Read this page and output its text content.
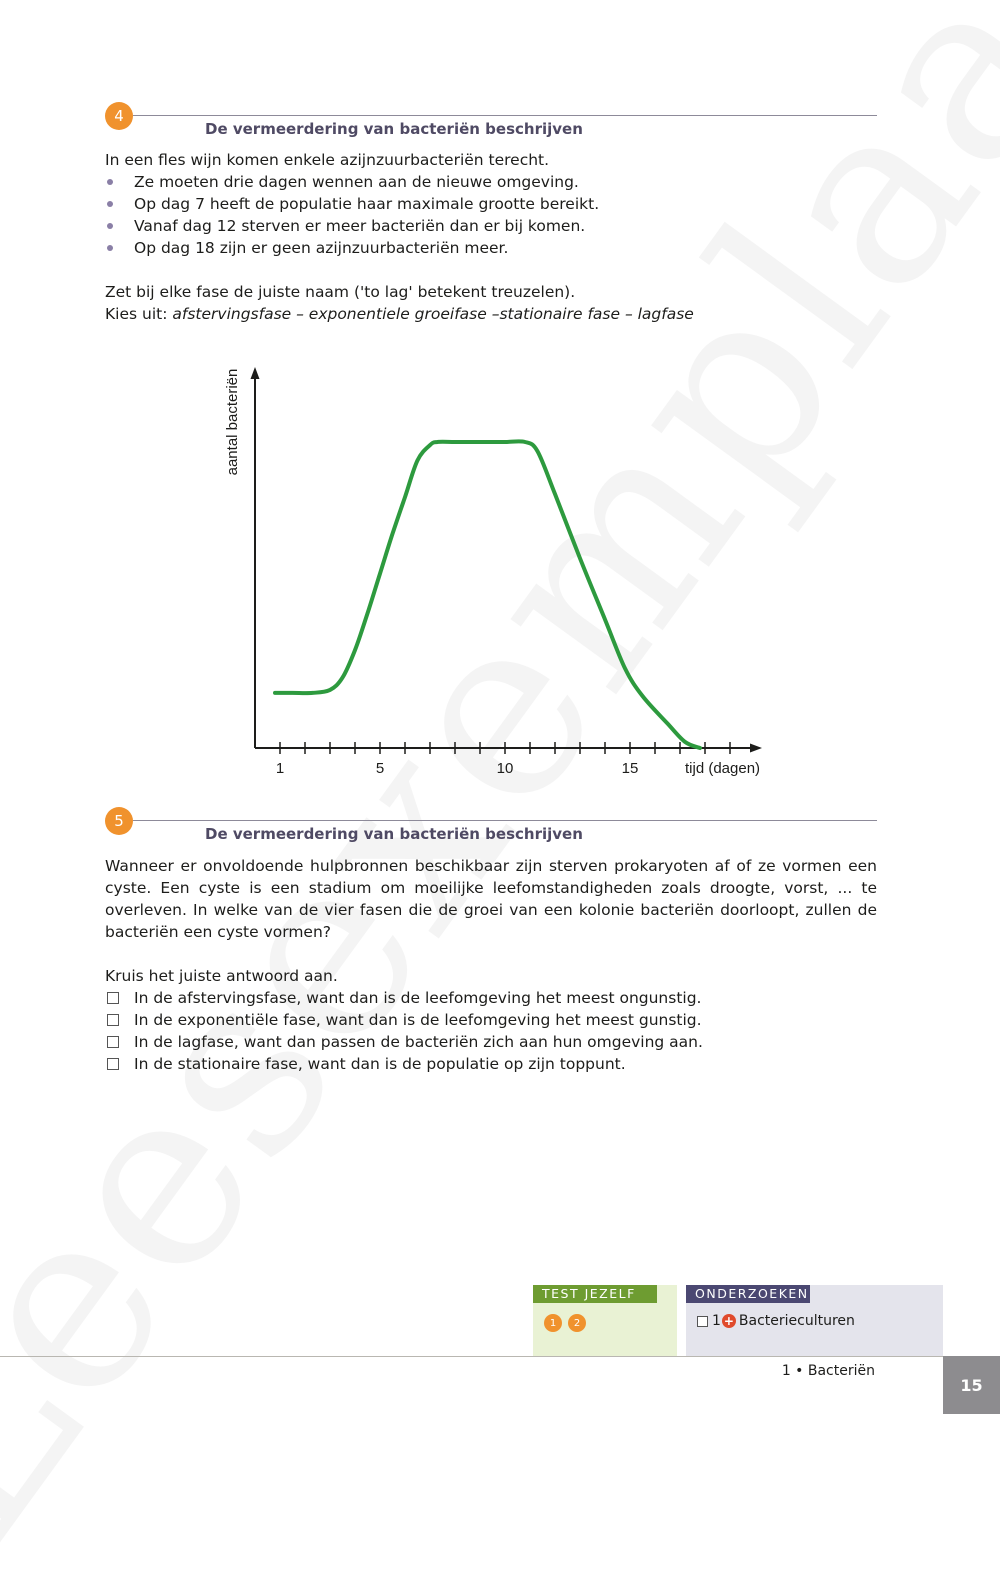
4
De vermeerdering van bacteriën beschrijven

In een fles wijn komen enkele azijnzuurbacteriën terecht.

Ze moeten drie dagen wennen aan de nieuwe omgeving.
Op dag 7 heeft de populatie haar maximale grootte bereikt.
Vanaf dag 12 sterven er meer bacteriën dan er bij komen.
Op dag 18 zijn er geen azijnzuurbacteriën meer.

Zet bij elke fase de juiste naam ('to lag' betekent treuzelen).

Kies uit: afstervingsfase – exponentiele groeifase –stationaire fase – lagfase

1	5	10	15
aantal bacteriën
tijd (dagen)
5
De vermeerdering van bacteriën beschrijven

Wanneer er onvoldoende hulpbronnen beschikbaar zijn sterven prokaryoten af of ze vormen een cyste. Een cyste is een stadium om moeilijke leefomstandigheden zoals droogte, vorst, ... te overleven. In welke van de vier fasen die de groei van een kolonie bacteriën doorloopt, zullen de bacteriën een cyste vormen?

Kruis het juiste antwoord aan.

In de afstervingsfase, want dan is de leefomgeving het meest ongunstig.
In de exponentiële fase, want dan is de leefomgeving het meest gunstig.
In de lagfase, want dan passen de bacteriën zich aan hun omgeving aan.
In de stationaire fase, want dan is de populatie op zijn toppunt.
TEST JEZELF
1	2
ONDERZOEKEN
1 + Bacterieculturen
1 • Bacteriën
15
